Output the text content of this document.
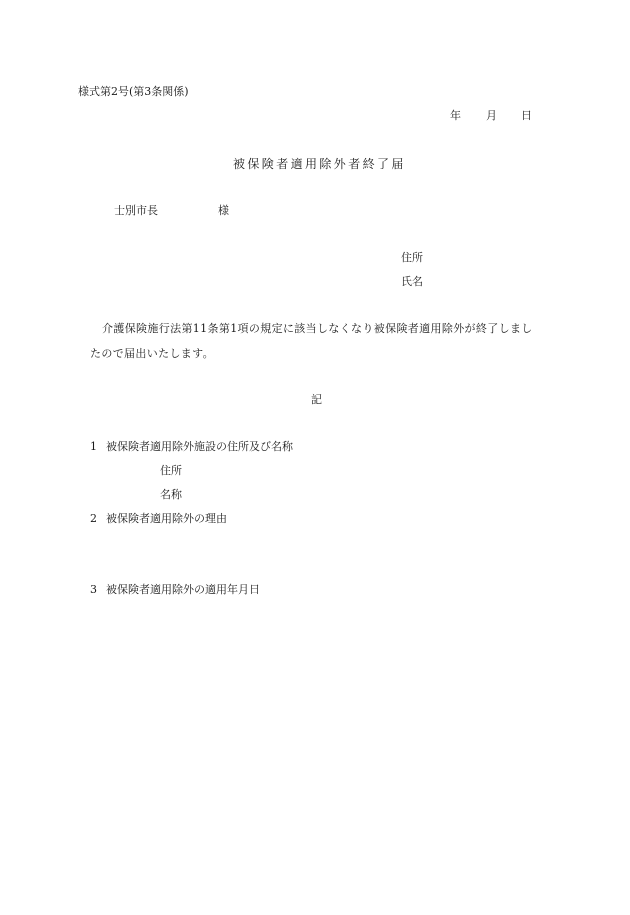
様式第2号(第3条関係)
年 月 日
被保険者適用除外者終了届
士別市長	様
住所
氏名
介護保険施行法第11条第1項の規定に該当しなくなり被保険者適用除外が終了しまし
たので届出いたします。
記
1 被保険者適用除外施設の住所及び名称
住所
名称
2 被保険者適用除外の理由
3 被保険者適用除外の適用年月日
